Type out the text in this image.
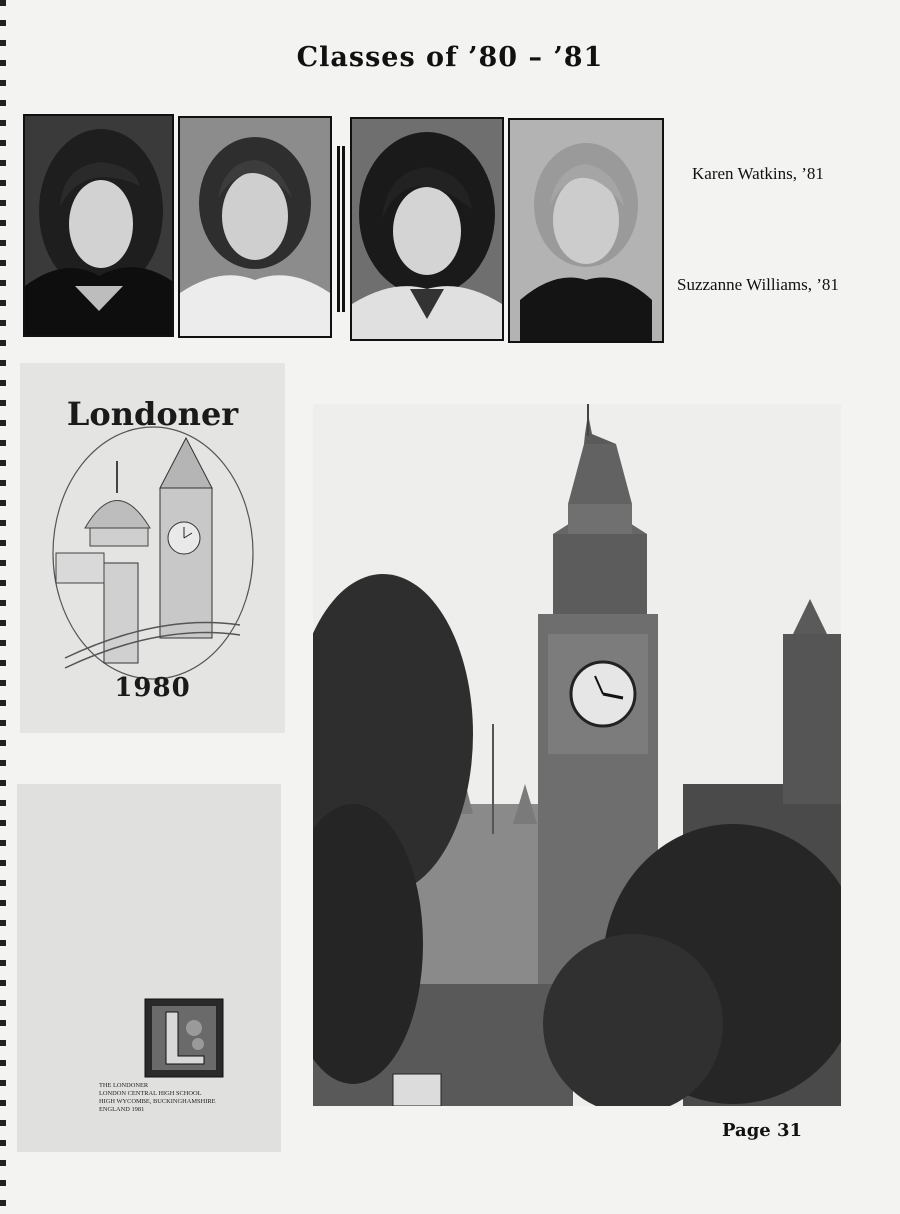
Classes of ’80 – ’81
Karen Watkins, ’81
Suzzanne Williams, ’81
Londoner
1980
THE LONDONER
LONDON CENTRAL HIGH SCHOOL
HIGH WYCOMBE, BUCKINGHAMSHIRE
ENGLAND 1981
Page 31
